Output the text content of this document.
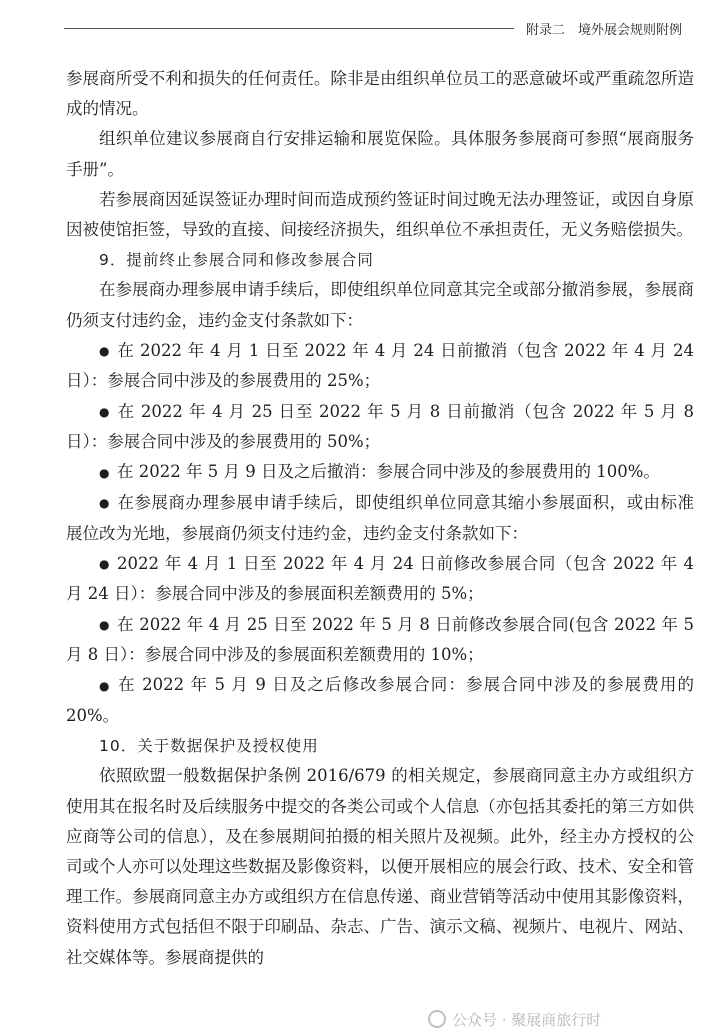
附录二　境外展会规则附例

参展商所受不利和损失的任何责任。除非是由组织单位员工的恶意破坏或严重疏忽所造成的情况。

组织单位建议参展商自行安排运输和展览保险。具体服务参展商可参照“展商服务手册”。

若参展商因延误签证办理时间而造成预约签证时间过晚无法办理签证，或因自身原因被使馆拒签，导致的直接、间接经济损失，组织单位不承担责任，无义务赔偿损失。

9．提前终止参展合同和修改参展合同

在参展商办理参展申请手续后，即使组织单位同意其完全或部分撤消参展，参展商仍须支付违约金，违约金支付条款如下：

● 在 2022 年 4 月 1 日至 2022 年 4 月 24 日前撤消（包含 2022 年 4 月 24 日）：参展合同中涉及的参展费用的 25%；

● 在 2022 年 4 月 25 日至 2022 年 5 月 8 日前撤消（包含 2022 年 5 月 8 日）：参展合同中涉及的参展费用的 50%；

● 在 2022 年 5 月 9 日及之后撤消：参展合同中涉及的参展费用的 100%。

● 在参展商办理参展申请手续后，即使组织单位同意其缩小参展面积，或由标准展位改为光地，参展商仍须支付违约金，违约金支付条款如下：

● 2022 年 4 月 1 日至 2022 年 4 月 24 日前修改参展合同（包含 2022 年 4 月 24 日）：参展合同中涉及的参展面积差额费用的 5%；

● 在 2022 年 4 月 25 日至 2022 年 5 月 8 日前修改参展合同(包含 2022 年 5 月 8 日）：参展合同中涉及的参展面积差额费用的 10%；

● 在 2022 年 5 月 9 日及之后修改参展合同：参展合同中涉及的参展费用的 20%。

10．关于数据保护及授权使用

依照欧盟一般数据保护条例 2016/679 的相关规定，参展商同意主办方或组织方使用其在报名时及后续服务中提交的各类公司或个人信息（亦包括其委托的第三方如供应商等公司的信息），及在参展期间拍摄的相关照片及视频。此外，经主办方授权的公司或个人亦可以处理这些数据及影像资料，以便开展相应的展会行政、技术、安全和管理工作。参展商同意主办方或组织方在信息传递、商业营销等活动中使用其影像资料，资料使用方式包括但不限于印刷品、杂志、广告、演示文稿、视频片、电视片、网站、社交媒体等。参展商提供的

公众号 · 聚展商旅行时
